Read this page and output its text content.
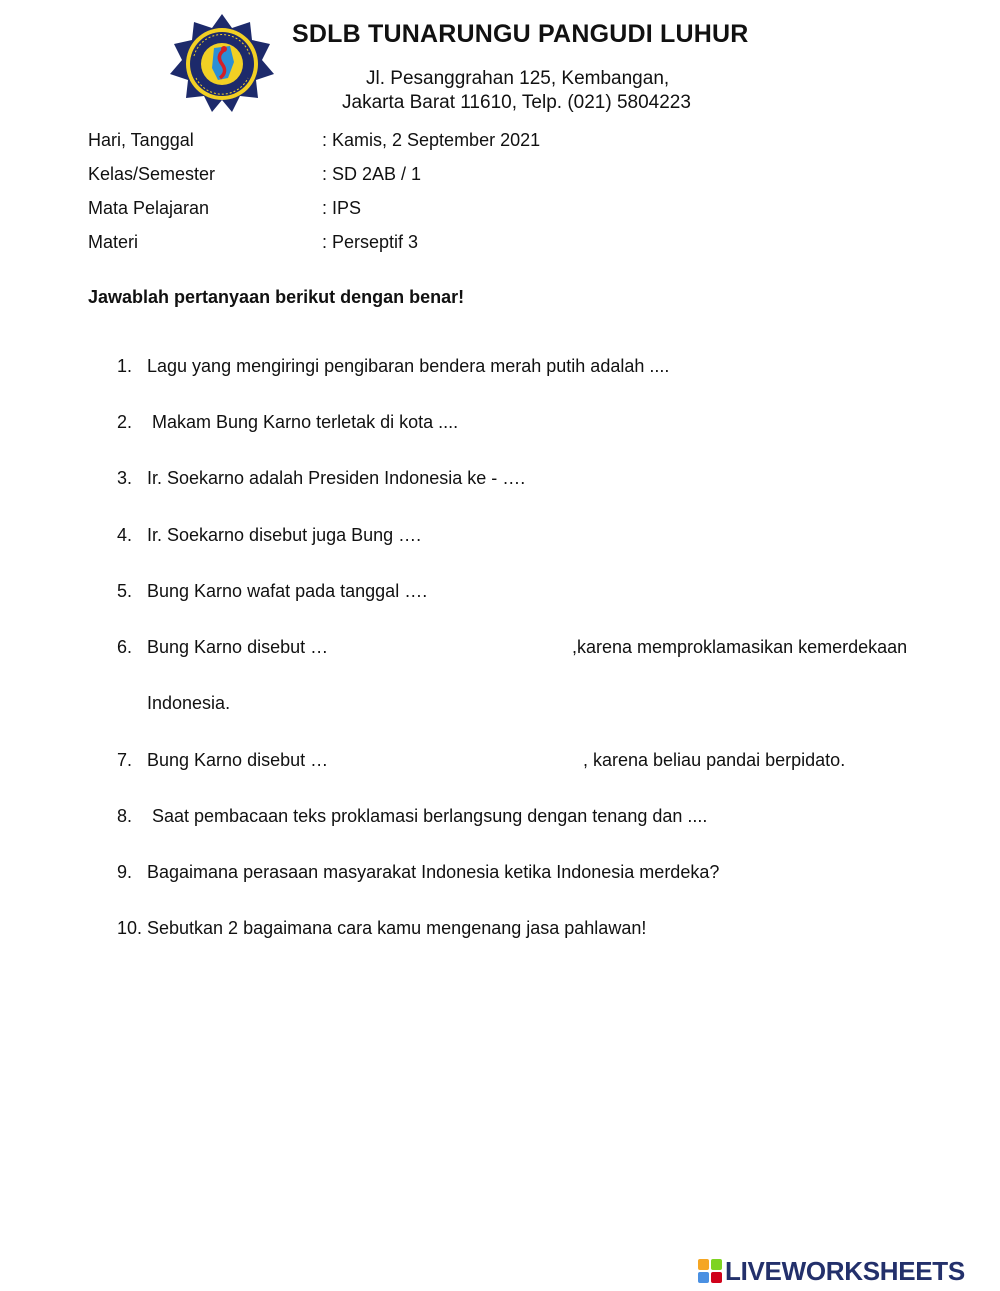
SDLB TUNARUNGU PANGUDI LUHUR
Jl. Pesanggrahan 125, Kembangan,
Jakarta Barat 11610, Telp. (021) 5804223
Hari, Tanggal	: Kamis, 2 September 2021
Kelas/Semester	: SD 2AB / 1
Mata Pelajaran	: IPS
Materi	: Perseptif 3

Jawablah pertanyaan berikut dengan benar!

1. Lagu yang mengiringi pengibaran bendera merah putih adalah ....
2. Makam Bung Karno terletak di kota ....
3. Ir. Soekarno adalah Presiden Indonesia ke - ….
4. Ir. Soekarno disebut juga Bung ….
5. Bung Karno wafat pada tanggal ….
6. Bung Karno disebut …	,karena memproklamasikan kemerdekaan
Indonesia.
7. Bung Karno disebut …	, karena beliau pandai berpidato.
8. Saat pembacaan teks proklamasi berlangsung dengan tenang dan ....
9. Bagaimana perasaan masyarakat Indonesia ketika Indonesia merdeka?
10. Sebutkan 2 bagaimana cara kamu mengenang jasa pahlawan!
LIVEWORKSHEETS
